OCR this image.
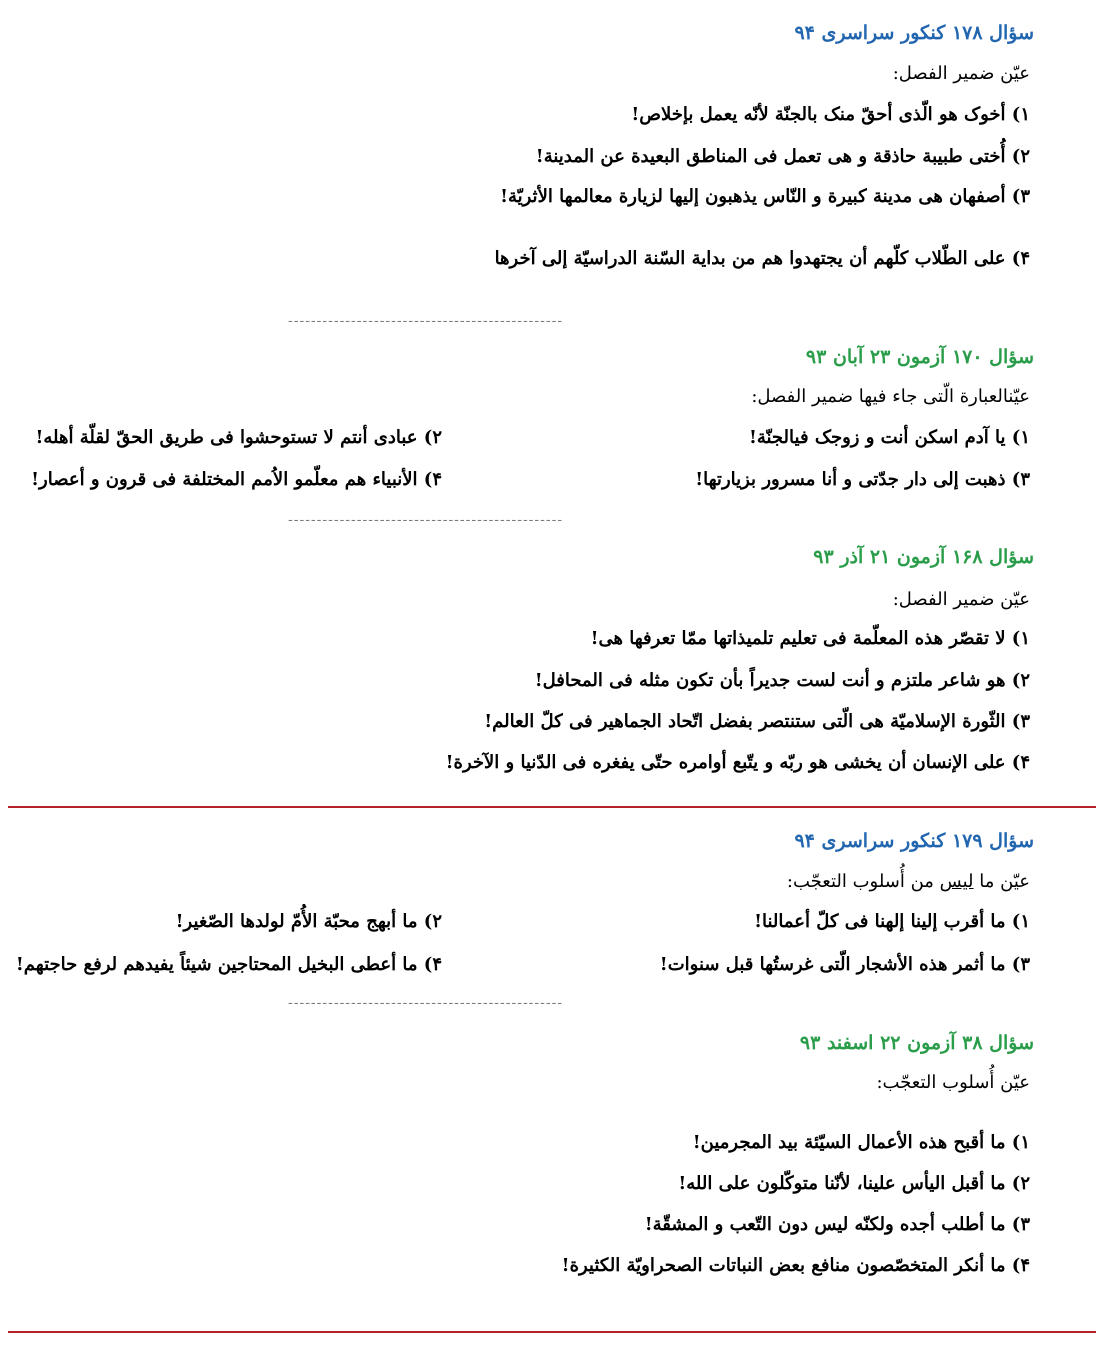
سؤال ۱۷۸ کنکور سراسری ۹۴
عیّن ضمیر الفصل:
۱) أخوک هو الّذی أحقّ منک بالجنّة لأنّه یعمل بإخلاص!
۲) أُختی طبیبة حاذقة و هی تعمل فی المناطق البعیدة عن المدینة!
۳) أصفهان هی مدینة کبیرة و النّاس یذهبون إلیها لزیارة معالمها الأثریّة!
۴) علی الطّلاب کلّهم أن یجتهدوا هم من بدایة السّنة الدراسیّة إلی آخرها
------------------------------------------------
سؤال ۱۷۰ آزمون ۲۳ آبان ۹۳
عیّنالعبارة الّتی جاء فیها ضمیر الفصل:
۱) یا آدم اسکن أنت و زوجک فیالجنّة!
۲) عبادی أنتم لا تستوحشوا فی طریق الحقّ لقلّة أهله!
۳) ذهبت إلی دار جدّتی و أنا مسرور بزیارتها!
۴) الأنبیاء هم معلّمو الاُمم المختلفة فی قرون و أعصار!
------------------------------------------------
سؤال ۱۶۸ آزمون ۲۱ آذر ۹۳
عیّن ضمیر الفصل:
۱) لا تقصّر هذه المعلّمة فی تعلیم تلمیذاتها ممّا تعرفها هی!
۲) هو شاعر ملتزم و أنت لست جدیراً بأن تکون مثله فی المحافل!
۳) الثّورة الإسلامیّة هی الّتی ستنتصر بفضل اتّحاد الجماهیر فی کلّ العالم!
۴) علی الإنسان أن یخشی هو ربّه و یتّبع أوامره حتّی یفغره فی الدّنیا و الآخرة!
سؤال ۱۷۹ کنکور سراسری ۹۴
عیّن ما لیس من أُسلوب التعجّب:
۱) ما أقرب إلینا إلهنا فی کلّ أعمالنا!
۲) ما أبهج محبّة الأُمّ لولدها الصّغیر!
۳) ما أثمر هذه الأشجار الّتی غرستُها قبل سنوات!
۴) ما أعطی البخیل المحتاجین شیئاً یفیدهم لرفع حاجتهم!
------------------------------------------------
سؤال ۳۸ آزمون ۲۲ اسفند ۹۳
عیّن أُسلوب التعجّب:
۱) ما أقبح هذه الأعمال السیّئة بید المجرمین!
۲) ما أقبل الیأس علینا، لأنّنا متوکّلون علی الله!
۳) ما أطلب أجده ولکنّه لیس دون التّعب و المشقّة!
۴) ما أنکر المتخصّصون منافع بعض النباتات الصحراویّة الکثیرة!
